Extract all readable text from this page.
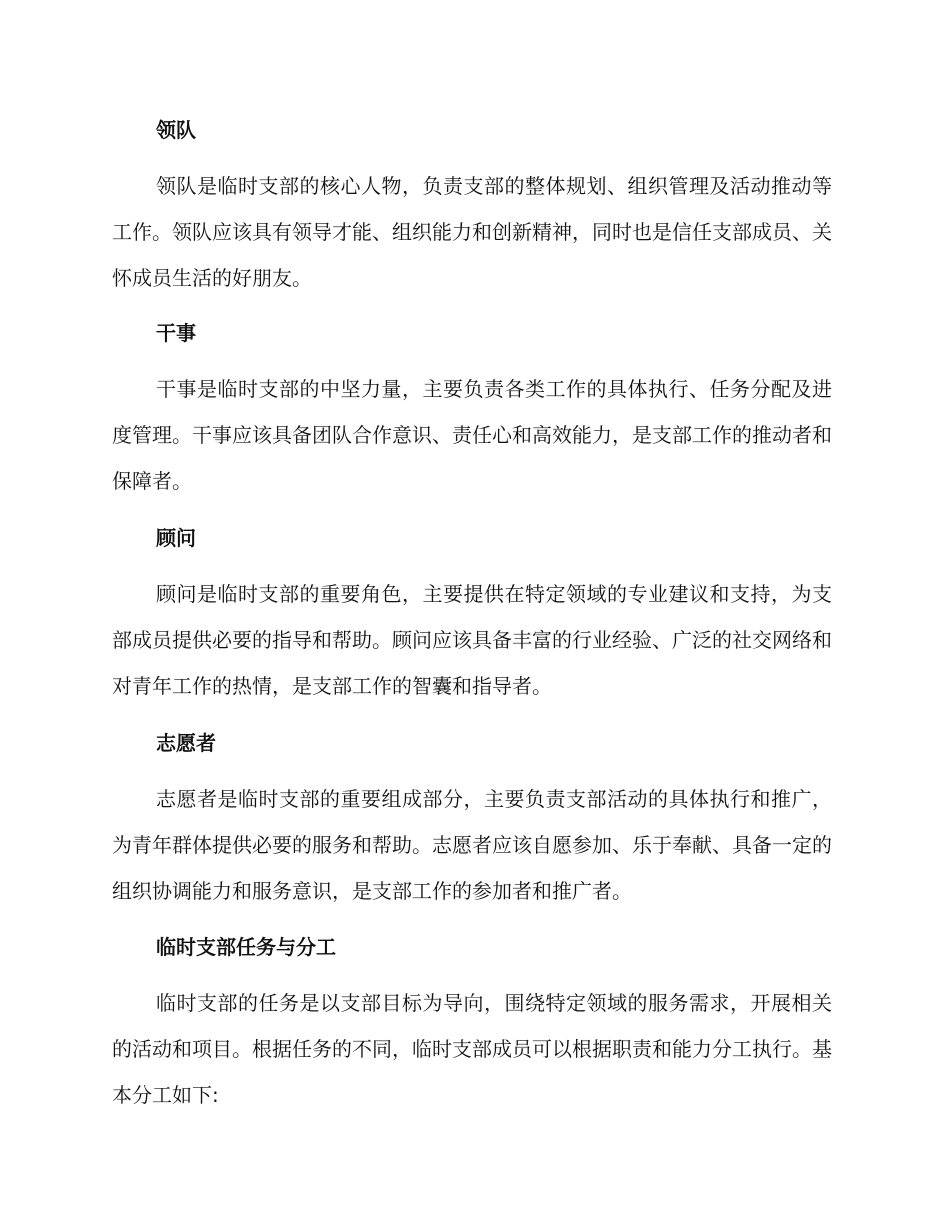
领队
领队是临时支部的核心人物，负责支部的整体规划、组织管理及活动推动等工作。领队应该具有领导才能、组织能力和创新精神，同时也是信任支部成员、关怀成员生活的好朋友。
干事
干事是临时支部的中坚力量，主要负责各类工作的具体执行、任务分配及进度管理。干事应该具备团队合作意识、责任心和高效能力，是支部工作的推动者和保障者。
顾问
顾问是临时支部的重要角色，主要提供在特定领域的专业建议和支持，为支部成员提供必要的指导和帮助。顾问应该具备丰富的行业经验、广泛的社交网络和对青年工作的热情，是支部工作的智囊和指导者。
志愿者
志愿者是临时支部的重要组成部分，主要负责支部活动的具体执行和推广，为青年群体提供必要的服务和帮助。志愿者应该自愿参加、乐于奉献、具备一定的组织协调能力和服务意识，是支部工作的参加者和推广者。
临时支部任务与分工
临时支部的任务是以支部目标为导向，围绕特定领域的服务需求，开展相关的活动和项目。根据任务的不同，临时支部成员可以根据职责和能力分工执行。基本分工如下:
